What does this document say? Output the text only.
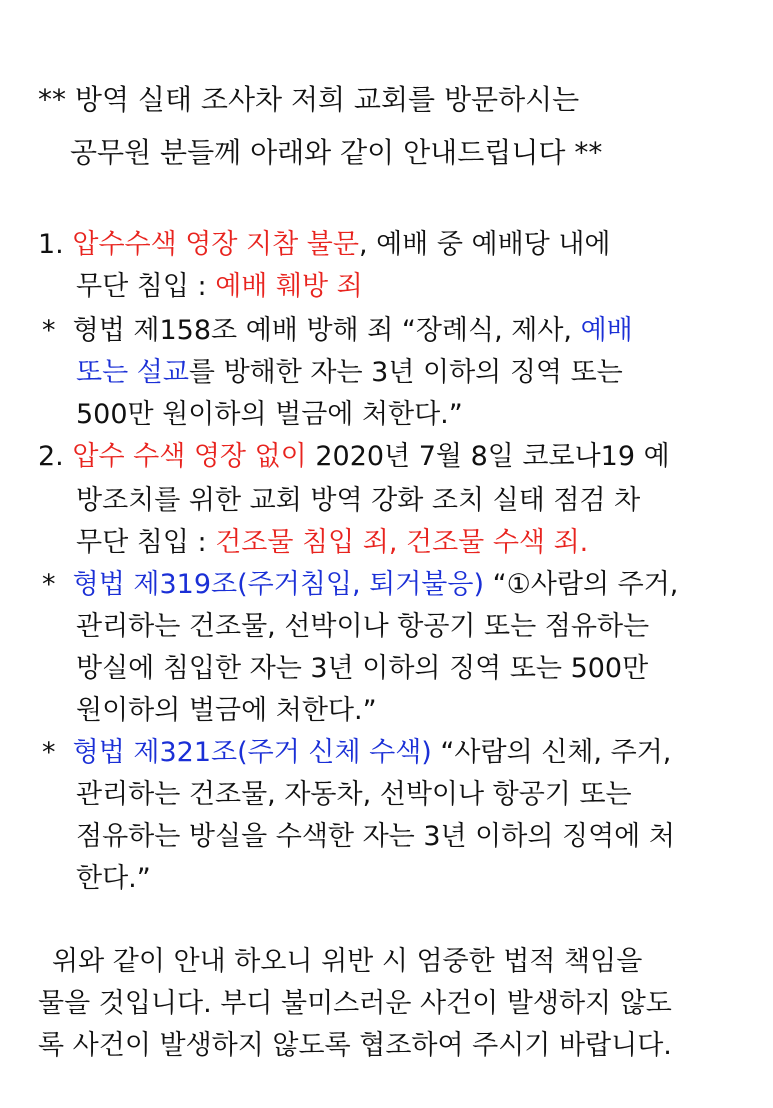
** 방역 실태 조사차 저희 교회를 방문하시는
공무원 분들께 아래와 같이 안내드립니다 **
1. 압수수색 영장 지참 불문, 예배 중 예배당 내에
무단 침입 : 예배 훼방 죄
* 형법 제158조 예배 방해 죄 “장례식, 제사, 예배
또는 설교를 방해한 자는 3년 이하의 징역 또는
500만 원이하의 벌금에 처한다.”
2. 압수 수색 영장 없이 2020년 7월 8일 코로나19 예
방조치를 위한 교회 방역 강화 조치 실태 점검 차
무단 침입 : 건조물 침입 죄, 건조물 수색 죄.
* 형법 제319조(주거침입, 퇴거불응) “①사람의 주거,
관리하는 건조물, 선박이나 항공기 또는 점유하는
방실에 침입한 자는 3년 이하의 징역 또는 500만
원이하의 벌금에 처한다.”
* 형법 제321조(주거 신체 수색) “사람의 신체, 주거,
관리하는 건조물, 자동차, 선박이나 항공기 또는
점유하는 방실을 수색한 자는 3년 이하의 징역에 처
한다.”
위와 같이 안내 하오니 위반 시 엄중한 법적 책임을
물을 것입니다. 부디 불미스러운 사건이 발생하지 않도
록 사건이 발생하지 않도록 협조하여 주시기 바랍니다.
